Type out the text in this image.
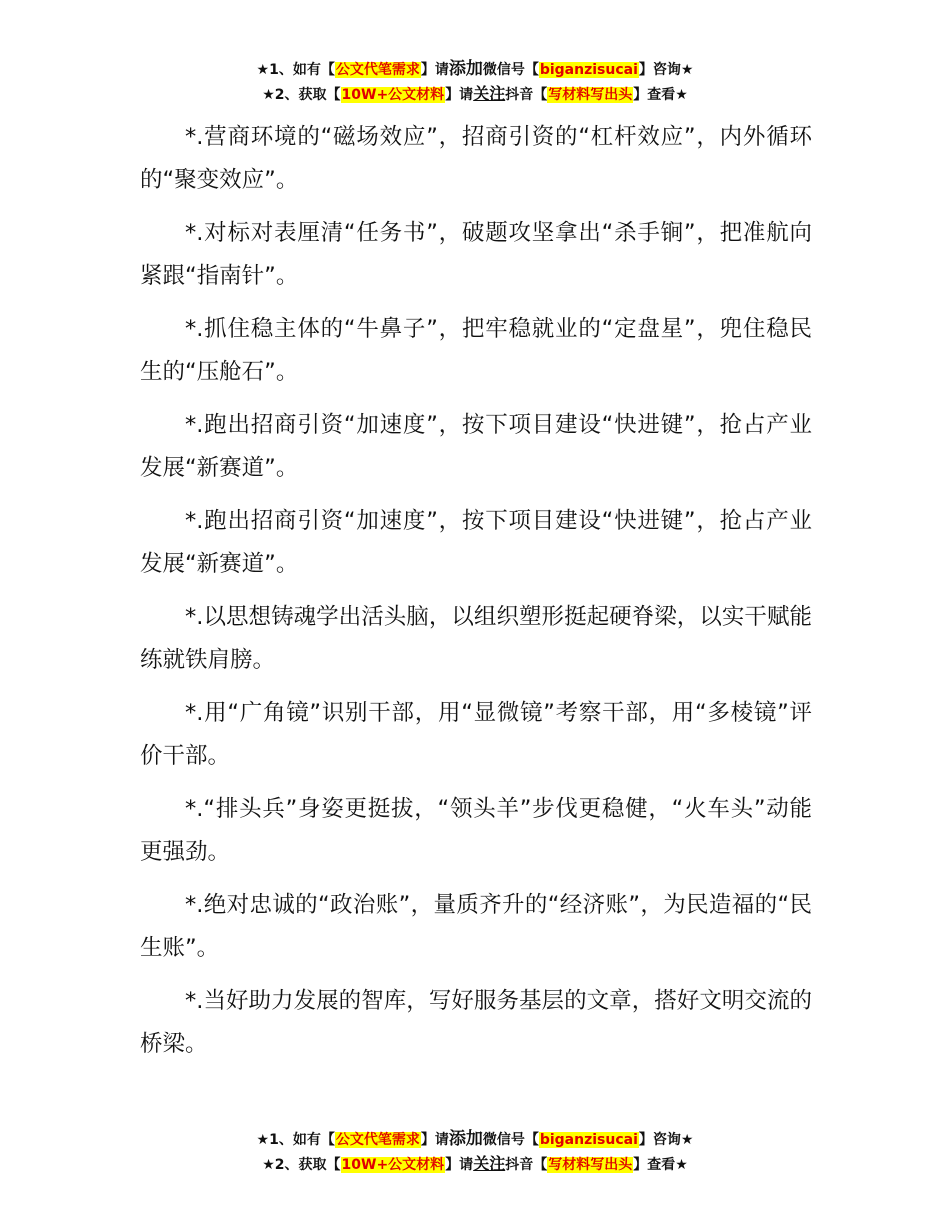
★1、如有【公文代笔需求】请添加微信号【biganzisucai】咨询★
★2、获取【10W+公文材料】请关注抖音【写材料写出头】查看★

*.营商环境的“磁场效应”，招商引资的“杠杆效应”，内外循环的“聚变效应”。

*.对标对表厘清“任务书”，破题攻坚拿出“杀手锏”，把准航向紧跟“指南针”。

*.抓住稳主体的“牛鼻子”，把牢稳就业的“定盘星”，兜住稳民生的“压舱石”。

*.跑出招商引资“加速度”，按下项目建设“快进键”，抢占产业发展“新赛道”。

*.跑出招商引资“加速度”，按下项目建设“快进键”，抢占产业发展“新赛道”。

*.以思想铸魂学出活头脑，以组织塑形挺起硬脊梁，以实干赋能练就铁肩膀。

*.用“广角镜”识别干部，用“显微镜”考察干部，用“多棱镜”评价干部。

*.“排头兵”身姿更挺拔，“领头羊”步伐更稳健，“火车头”动能更强劲。

*.绝对忠诚的“政治账”，量质齐升的“经济账”，为民造福的“民生账”。

*.当好助力发展的智库，写好服务基层的文章，搭好文明交流的桥梁。

★1、如有【公文代笔需求】请添加微信号【biganzisucai】咨询★
★2、获取【10W+公文材料】请关注抖音【写材料写出头】查看★
